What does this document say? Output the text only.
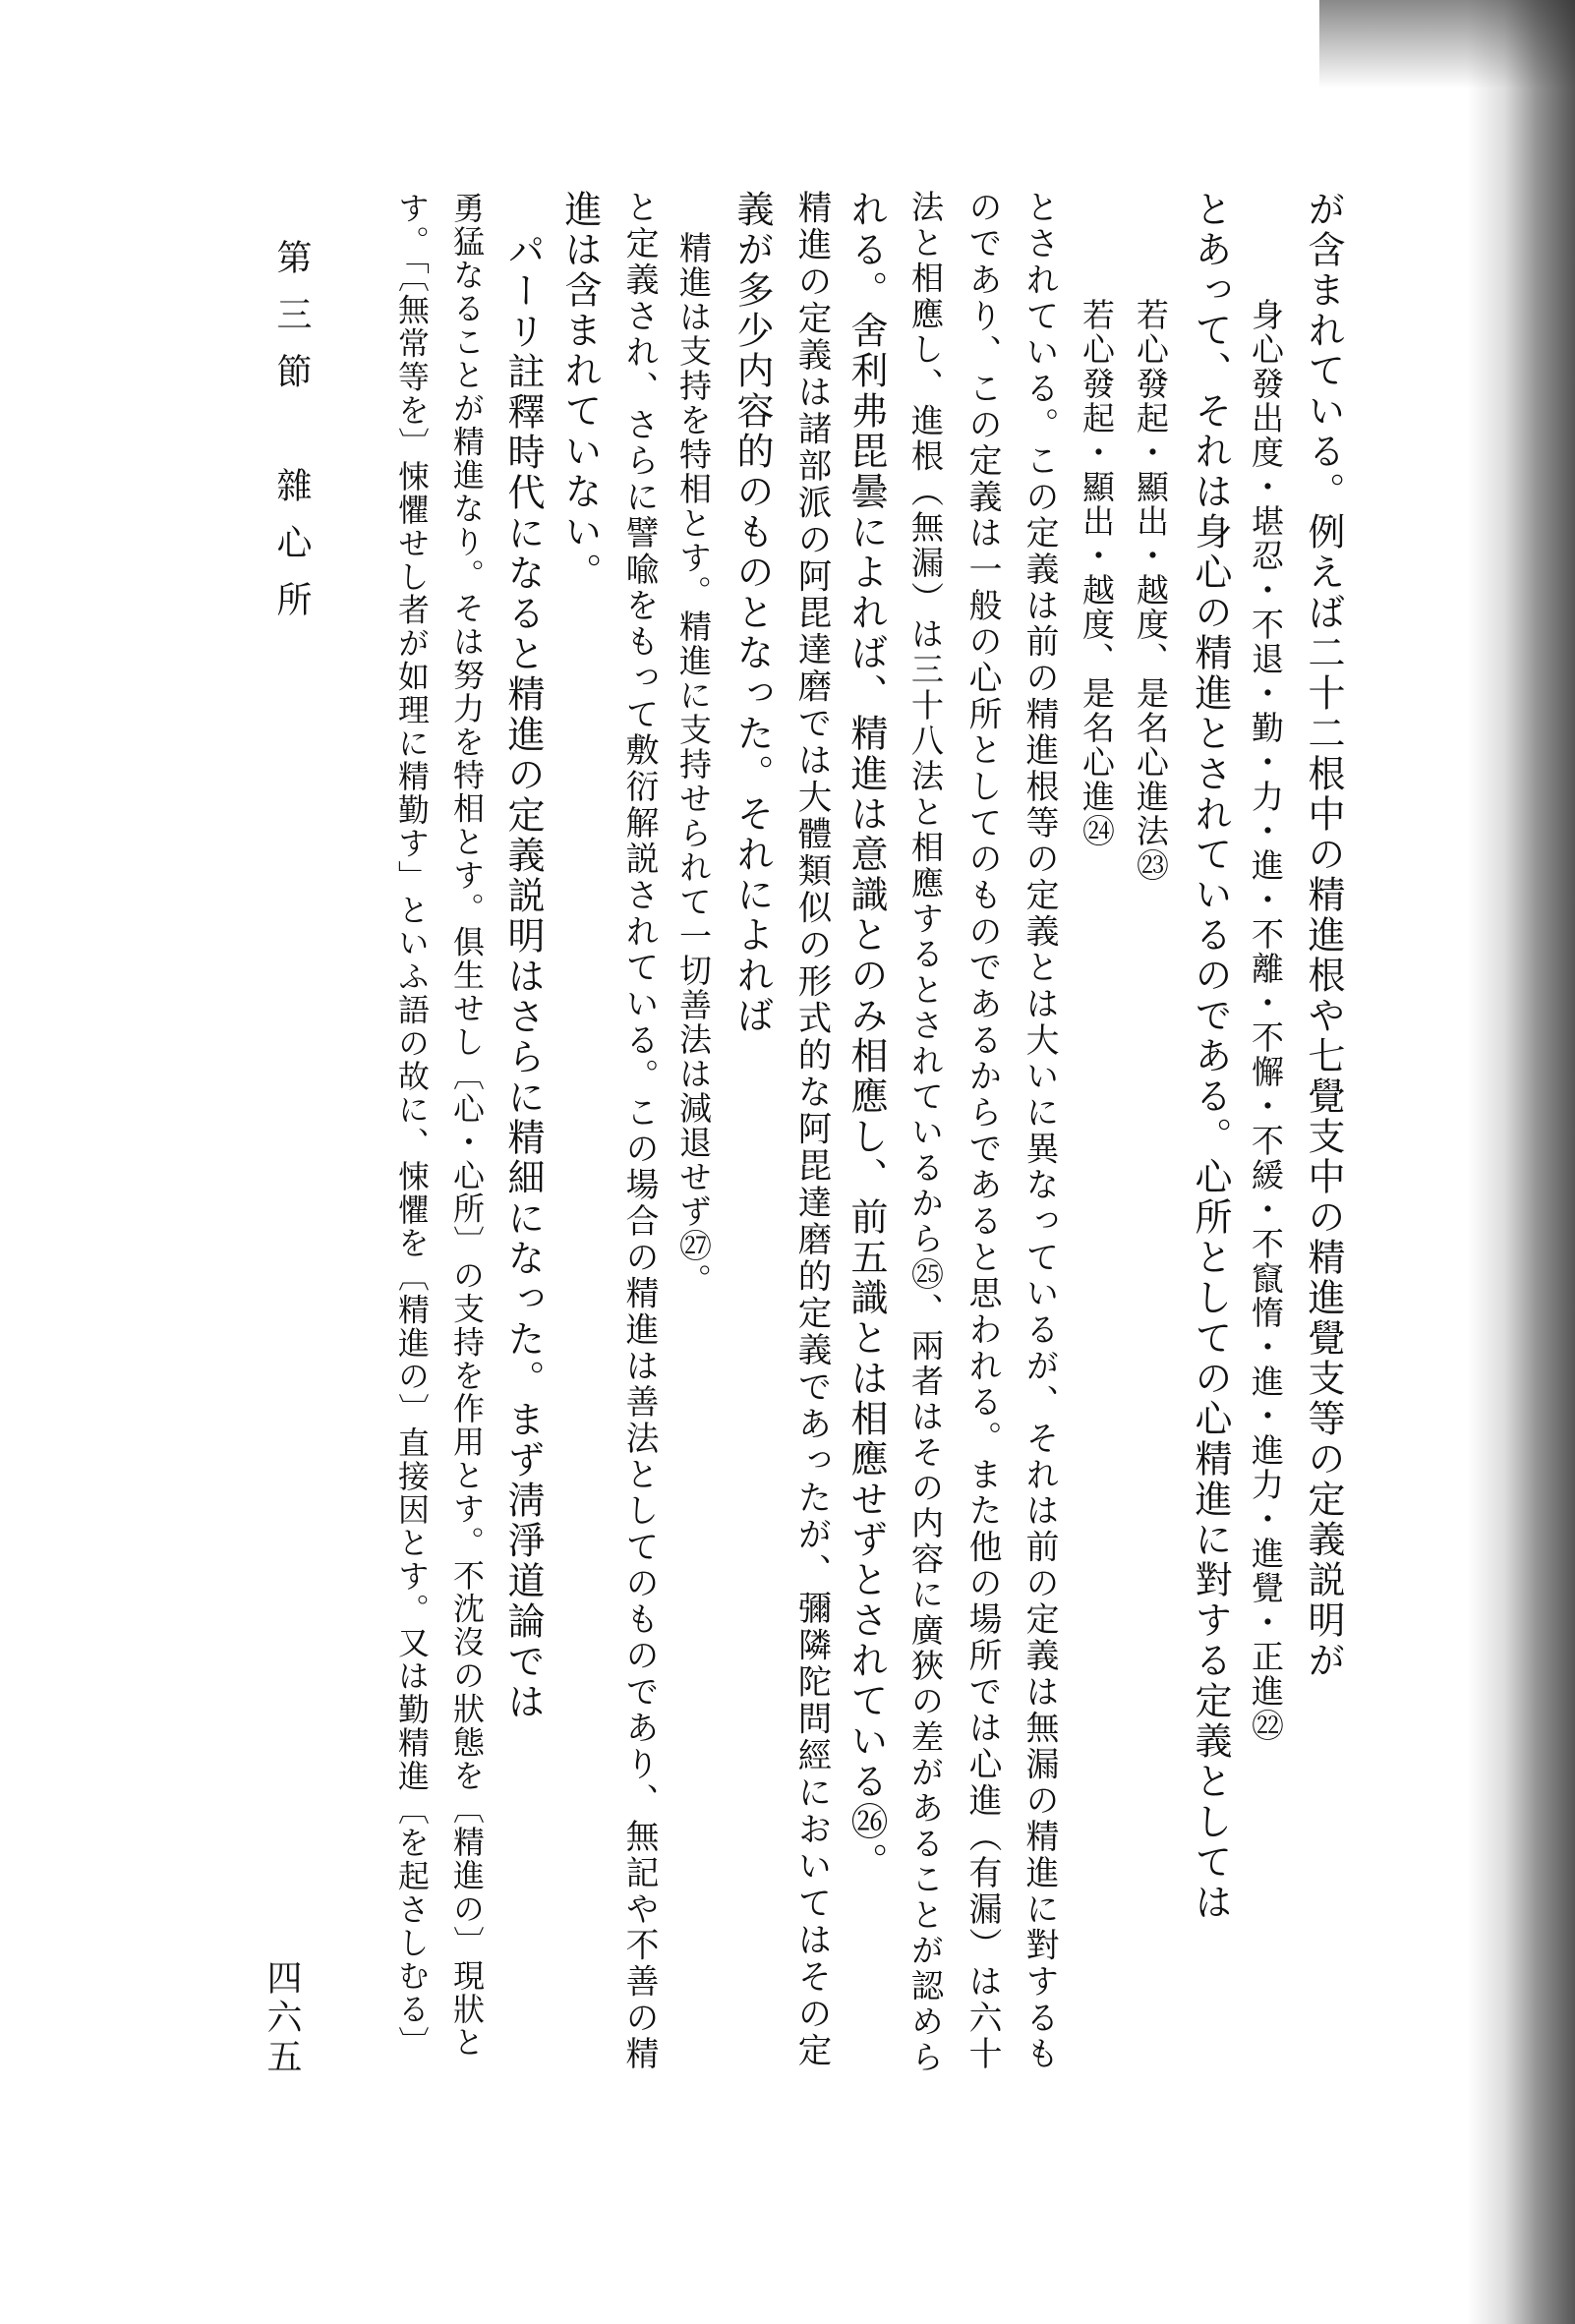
が含まれている。例えば二十二根中の精進根や七覺支中の精進覺支等の定義説明が
身心發出度・堪忍・不退・勤・力・進・不離・不懈・不緩・不竄惰・進・進力・進覺・正進㉒
とあって、それは身心の精進とされているのである。心所としての心精進に對する定義としては
若心發起・顯出・越度、是名心進法㉓
若心發起・顯出・越度、是名心進㉔
とされている。この定義は前の精進根等の定義とは大いに異なっているが、それは前の定義は無漏の精進に對するも
のであり、この定義は一般の心所としてのものであるからであると思われる。また他の場所では心進（有漏）は六十
法と相應し、進根（無漏）は三十八法と相應するとされているから㉕、兩者はその内容に廣狹の差があることが認めら
れる。舍利弗毘曇によれば、精進は意識とのみ相應し、前五識とは相應せずとされている㉖。
精進の定義は諸部派の阿毘達磨では大體類似の形式的な阿毘達磨的定義であったが、彌隣陀問經においてはその定
義が多少内容的のものとなった。それによれば
精進は支持を特相とす。精進に支持せられて一切善法は減退せず㉗。
と定義され、さらに譬喩をもって敷衍解説されている。この場合の精進は善法としてのものであり、無記や不善の精
進は含まれていない。
パーリ註釋時代になると精進の定義説明はさらに精細になった。まず淸淨道論では
勇猛なることが精進なり。そは努力を特相とす。俱生せし〔心・心所〕の支持を作用とす。不沈沒の狀態を〔精進の〕現狀と
す。「〔無常等を〕悚懼せし者が如理に精勤す」といふ語の故に、悚懼を〔精進の〕直接因とす。又は勤精進〔を起さしむる〕
第三節　雜心所
四六五
